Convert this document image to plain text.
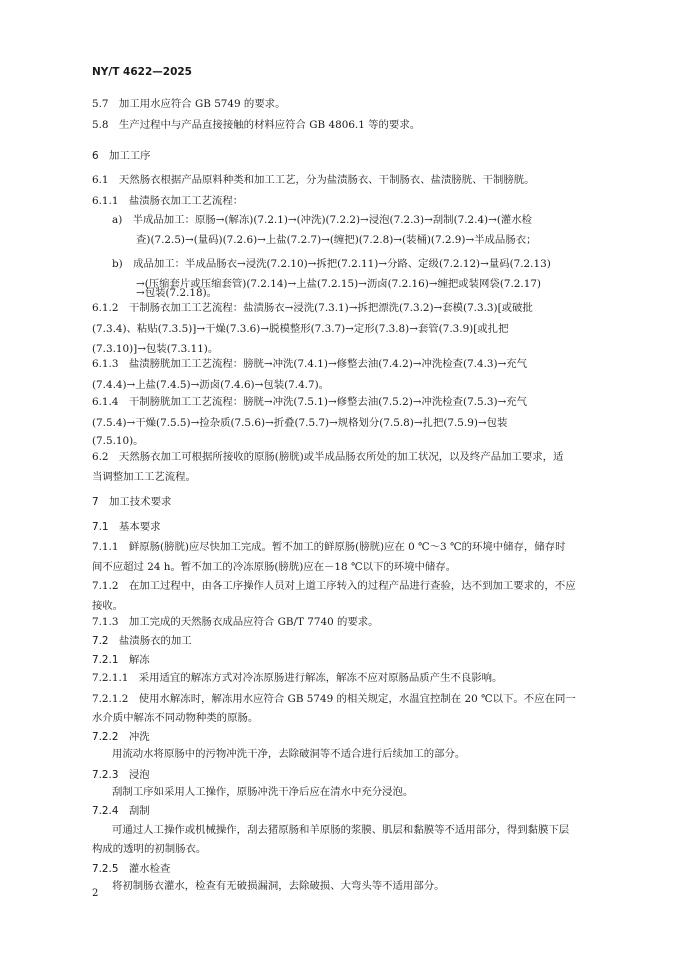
NY/T 4622—2025
5.7　加工用水应符合 GB 5749 的要求。
5.8　生产过程中与产品直接接触的材料应符合 GB 4806.1 等的要求。
6　加工工序
6.1　天然肠衣根据产品原料种类和加工工艺，分为盐渍肠衣、干制肠衣、盐渍膀胱、干制膀胱。
6.1.1　盐渍肠衣加工工艺流程：
a)　半成品加工：原肠→(解冻)(7.2.1)→(冲洗)(7.2.2)→浸泡(7.2.3)→刮制(7.2.4)→(灌水检
查)(7.2.5)→(量码)(7.2.6)→上盐(7.2.7)→(缠把)(7.2.8)→(装桶)(7.2.9)→半成品肠衣；
b)　成品加工：半成品肠衣→浸洗(7.2.10)→拆把(7.2.11)→分路、定级(7.2.12)→量码(7.2.13)
→(压缩套片或压缩套管)(7.2.14)→上盐(7.2.15)→沥卤(7.2.16)→缠把或装网袋(7.2.17)
→包装(7.2.18)。
6.1.2　干制肠衣加工工艺流程：盐渍肠衣→浸洗(7.3.1)→拆把漂洗(7.3.2)→套模(7.3.3)[或破批
(7.3.4)、粘贴(7.3.5)]→干燥(7.3.6)→脱模整形(7.3.7)→定形(7.3.8)→套管(7.3.9)[或扎把
(7.3.10)]→包装(7.3.11)。
6.1.3　盐渍膀胱加工工艺流程：膀胱→冲洗(7.4.1)→修整去油(7.4.2)→冲洗检查(7.4.3)→充气
(7.4.4)→上盐(7.4.5)→沥卤(7.4.6)→包装(7.4.7)。
6.1.4　干制膀胱加工工艺流程：膀胱→冲洗(7.5.1)→修整去油(7.5.2)→冲洗检查(7.5.3)→充气
(7.5.4)→干燥(7.5.5)→捡杂质(7.5.6)→折叠(7.5.7)→规格划分(7.5.8)→扎把(7.5.9)→包装
(7.5.10)。
6.2　天然肠衣加工可根据所接收的原肠(膀胱)或半成品肠衣所处的加工状况，以及终产品加工要求，适
当调整加工工艺流程。
7　加工技术要求
7.1　基本要求
7.1.1　鲜原肠(膀胱)应尽快加工完成。暂不加工的鲜原肠(膀胱)应在 0 ℃～3 ℃的环境中储存，储存时
间不应超过 24 h。暂不加工的冷冻原肠(膀胱)应在－18 ℃以下的环境中储存。
7.1.2　在加工过程中，由各工序操作人员对上道工序转入的过程产品进行查验，达不到加工要求的，不应
接收。
7.1.3　加工完成的天然肠衣成品应符合 GB/T 7740 的要求。
7.2　盐渍肠衣的加工
7.2.1　解冻
7.2.1.1　采用适宜的解冻方式对冷冻原肠进行解冻，解冻不应对原肠品质产生不良影响。
7.2.1.2　使用水解冻时，解冻用水应符合 GB 5749 的相关规定，水温宜控制在 20 ℃以下。不应在同一
水介质中解冻不同动物种类的原肠。
7.2.2　冲洗
用流动水将原肠中的污物冲洗干净，去除破洞等不适合进行后续加工的部分。
7.2.3　浸泡
刮制工序如采用人工操作，原肠冲洗干净后应在清水中充分浸泡。
7.2.4　刮制
可通过人工操作或机械操作，刮去猪原肠和羊原肠的浆膜、肌层和黏膜等不适用部分，得到黏膜下层
构成的透明的初制肠衣。
7.2.5　灌水检查
将初制肠衣灌水，检查有无破损漏洞，去除破损、大弯头等不适用部分。
2
